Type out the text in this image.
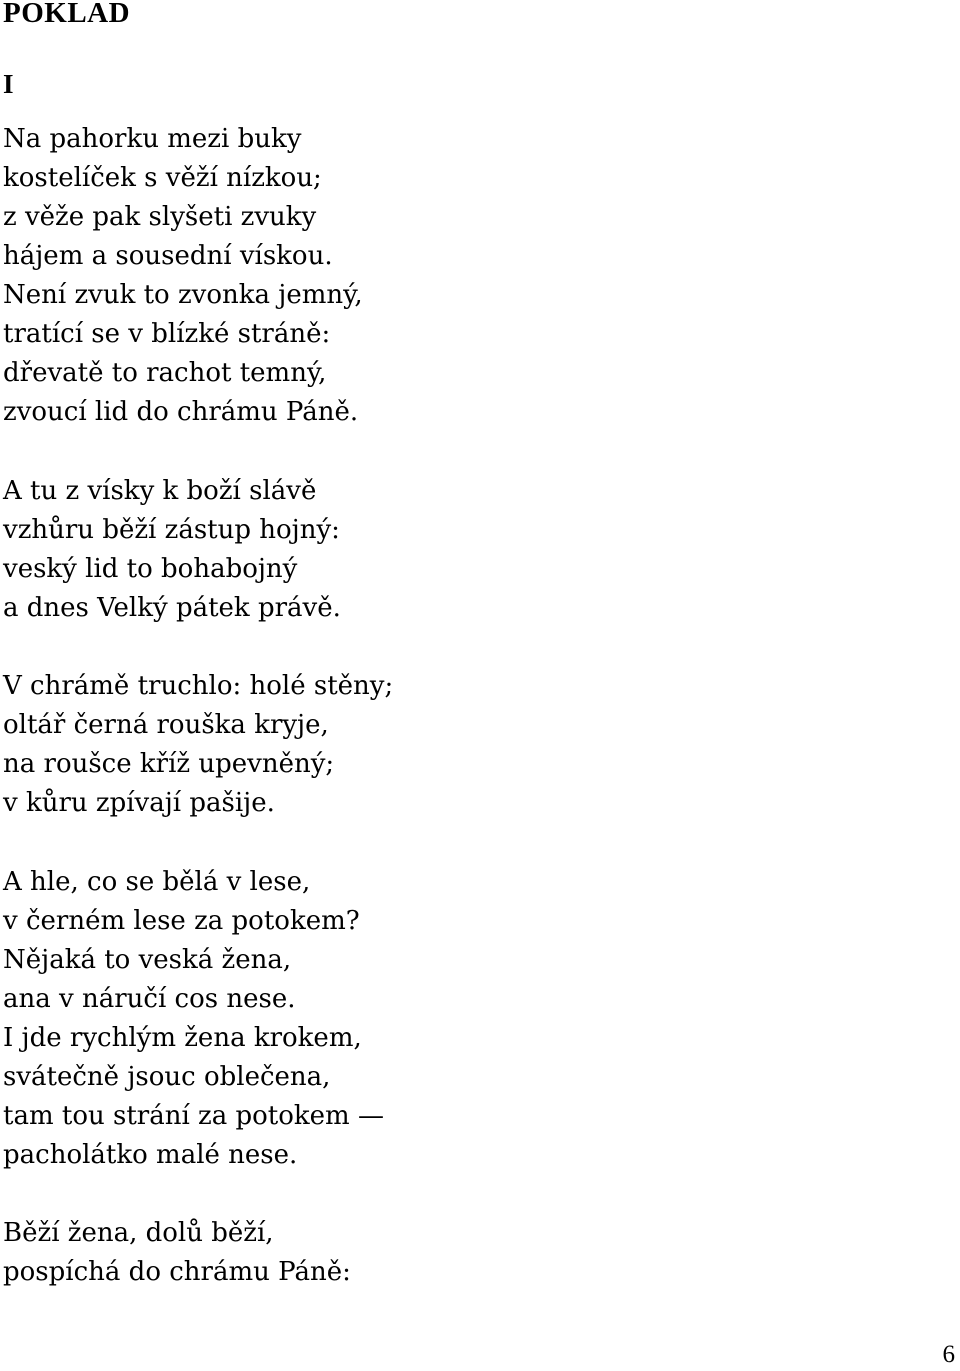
POKLAD
I
Na pahorku mezi buky
kostelíček s věží nízkou;
z věže pak slyšeti zvuky
hájem a sousední vískou.
Není zvuk to zvonka jemný,
tratící se v blízké stráně:
dřevatě to rachot temný,
zvoucí lid do chrámu Páně.
A tu z vísky k boží slávě
vzhůru běží zástup hojný:
veský lid to bohabojný
a dnes Velký pátek právě.
V chrámě truchlo: holé stěny;
oltář černá rouška kryje,
na roušce kříž upevněný;
v kůru zpívají pašije.
A hle, co se bělá v lese,
v černém lese za potokem?
Nějaká to veská žena,
ana v náručí cos nese.
I jde rychlým žena krokem,
svátečně jsouc oblečena,
tam tou strání za potokem —
pacholátko malé nese.
Běží žena, dolů běží,
pospíchá do chrámu Páně:
6
